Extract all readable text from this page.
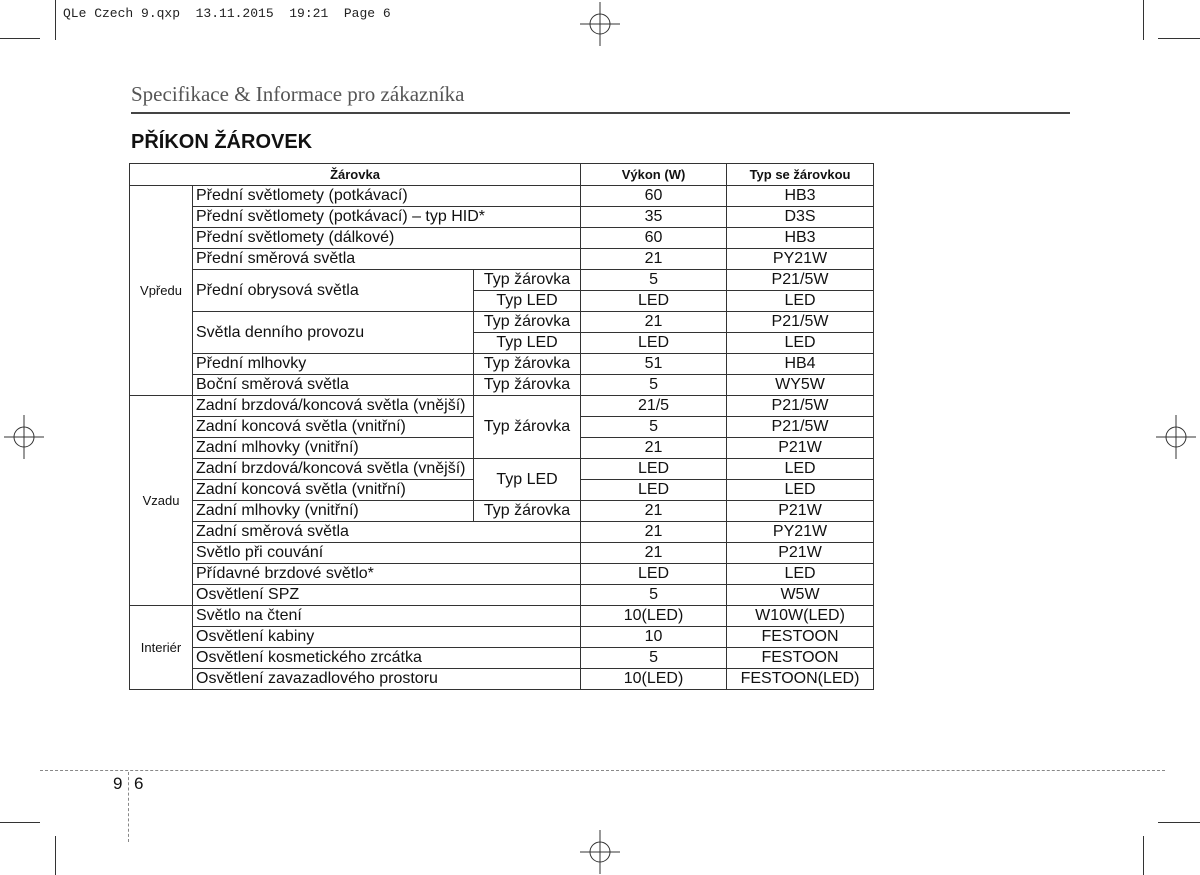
QLe Czech 9.qxp  13.11.2015  19:21  Page 6
Specifikace & Informace pro zákazníka
PŘÍKON ŽÁROVEK
Žárovka			Výkon (W)	Typ se žárovkou
Vpředu	Přední světlomety (potkávací)		60	HB3
	Přední světlomety (potkávací) – typ HID*		35	D3S
	Přední světlomety (dálkové)		60	HB3
	Přední směrová světla		21	PY21W
	Přední obrysová světla	Typ žárovka	5	P21/5W
		Typ LED	LED	LED
	Světla denního provozu	Typ žárovka	21	P21/5W
		Typ LED	LED	LED
	Přední mlhovky	Typ žárovka	51	HB4
	Boční směrová světla	Typ žárovka	5	WY5W
Vzadu	Zadní brzdová/koncová světla (vnější)	Typ žárovka	21/5	P21/5W
	Zadní koncová světla (vnitřní)		5	P21/5W
	Zadní mlhovky (vnitřní)		21	P21W
	Zadní brzdová/koncová světla (vnější)	Typ LED	LED	LED
	Zadní koncová světla (vnitřní)		LED	LED
	Zadní mlhovky (vnitřní)	Typ žárovka	21	P21W
	Zadní směrová světla		21	PY21W
	Světlo při couvání		21	P21W
	Přídavné brzdové světlo*		LED	LED
	Osvětlení SPZ		5	W5W
Interiér	Světlo na čtení		10(LED)	W10W(LED)
	Osvětlení kabiny		10	FESTOON
	Osvětlení kosmetického zrcátka		5	FESTOON
	Osvětlení zavazadlového prostoru		10(LED)	FESTOON(LED)
9 6
